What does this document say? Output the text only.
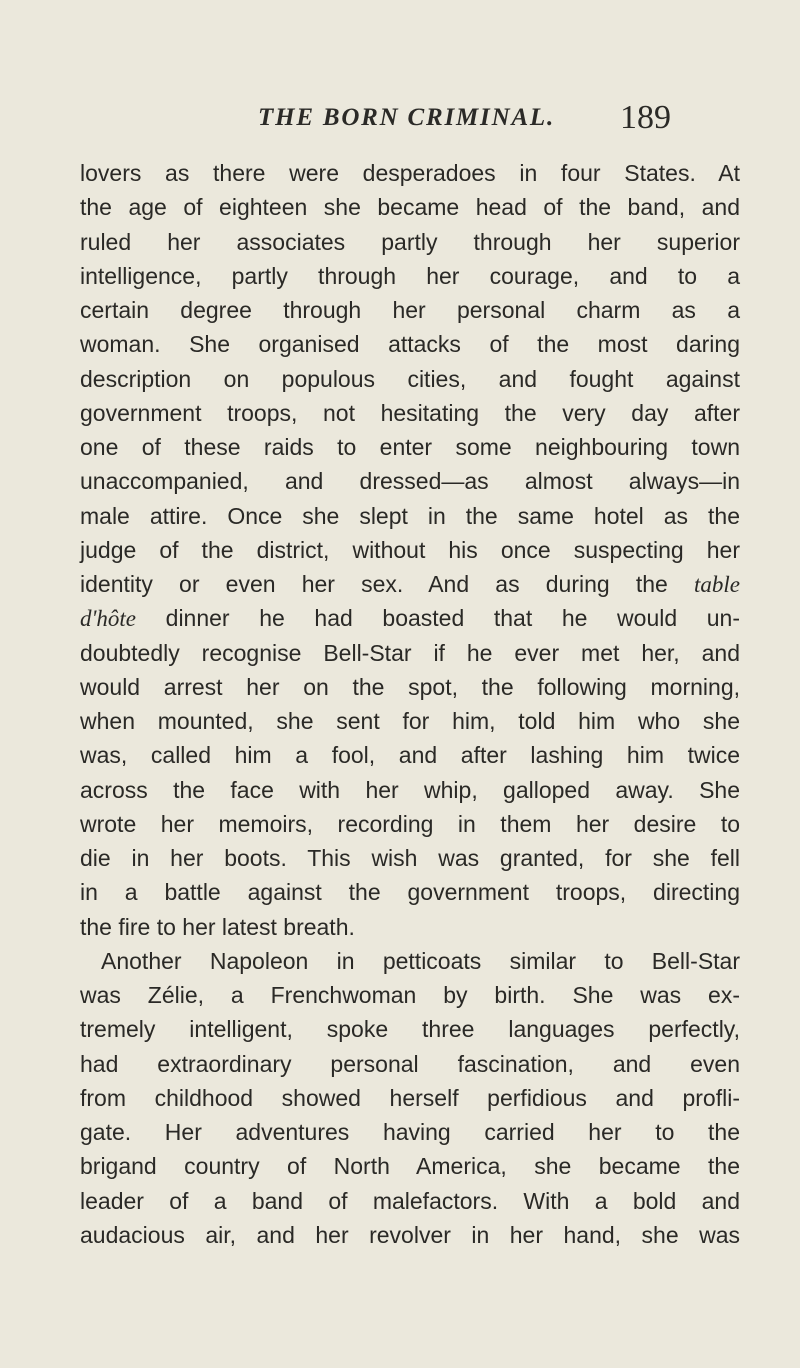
THE BORN CRIMINAL. 189
lovers as there were desperadoes in four States. At
the age of eighteen she became head of the band, and
ruled her associates partly through her superior
intelligence, partly through her courage, and to a
certain degree through her personal charm as a
woman. She organised attacks of the most daring
description on populous cities, and fought against
government troops, not hesitating the very day after
one of these raids to enter some neighbouring town
unaccompanied, and dressed—as almost always—in
male attire. Once she slept in the same hotel as the
judge of the district, without his once suspecting her
identity or even her sex. And as during the table
d'hôte dinner he had boasted that he would un-
doubtedly recognise Bell-Star if he ever met her, and
would arrest her on the spot, the following morning,
when mounted, she sent for him, told him who she
was, called him a fool, and after lashing him twice
across the face with her whip, galloped away. She
wrote her memoirs, recording in them her desire to
die in her boots. This wish was granted, for she fell
in a battle against the government troops, directing
the fire to her latest breath.
Another Napoleon in petticoats similar to Bell-Star
was Zélie, a Frenchwoman by birth. She was ex-
tremely intelligent, spoke three languages perfectly,
had extraordinary personal fascination, and even
from childhood showed herself perfidious and profli-
gate. Her adventures having carried her to the
brigand country of North America, she became the
leader of a band of malefactors. With a bold and
audacious air, and her revolver in her hand, she was
